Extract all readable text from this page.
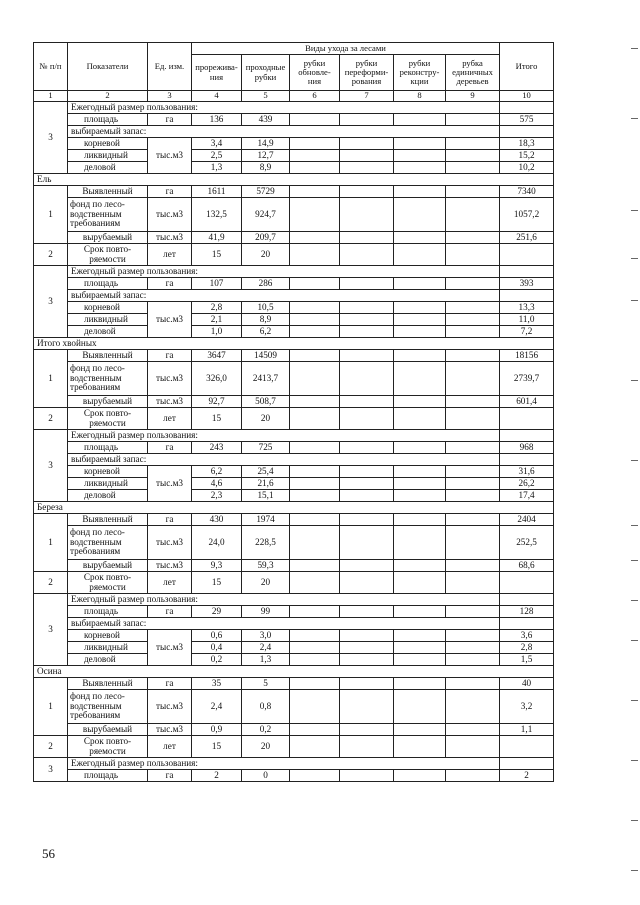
№ п/п	Показатели	Ед. изм.	Виды ухода за лесами						Итого
			прорежива-ния	проходные рубки	рубки обновле-ния	рубки переформи-рования	рубки реконстру-кции	рубка единичных деревьев	
1	2	3	4	5	6	7	8	9	10
3	Ежегодный размер пользования:								
	площадь	га	136	439					575
	выбираемый запас:								
	корневой	тыс.м3	3,4	14,9					18,3
	ликвидный		2,5	12,7					15,2
	деловой		1,3	8,9					10,2
Ель									
1	Выявленный	га	1611	5729					7340
	фонд по лесо-водственным требованиям	тыс.м3	132,5	924,7					1057,2
	вырубаемый	тыс.м3	41,9	209,7					251,6
2	Срок повто-ряемости	лет	15	20					
3	Ежегодный размер пользования:								
	площадь	га	107	286					393
	выбираемый запас:								
	корневой	тыс.м3	2,8	10,5					13,3
	ликвидный		2,1	8,9					11,0
	деловой		1,0	6,2					7,2
Итого хвойных									
1	Выявленный	га	3647	14509					18156
	фонд по лесо-водственным требованиям	тыс.м3	326,0	2413,7					2739,7
	вырубаемый	тыс.м3	92,7	508,7					601,4
2	Срок повто-ряемости	лет	15	20					
3	Ежегодный размер пользования:								
	площадь	га	243	725					968
	выбираемый запас:								
	корневой	тыс.м3	6,2	25,4					31,6
	ликвидный		4,6	21,6					26,2
	деловой		2,3	15,1					17,4
Береза									
1	Выявленный	га	430	1974					2404
	фонд по лесо-водственным требованиям	тыс.м3	24,0	228,5					252,5
	вырубаемый	тыс.м3	9,3	59,3					68,6
2	Срок повто-ряемости	лет	15	20					
3	Ежегодный размер пользования:								
	площадь	га	29	99					128
	выбираемый запас:								
	корневой	тыс.м3	0,6	3,0					3,6
	ликвидный		0,4	2,4					2,8
	деловой		0,2	1,3					1,5
Осина									
1	Выявленный	га	35	5					40
	фонд по лесо-водственным требованиям	тыс.м3	2,4	0,8					3,2
	вырубаемый	тыс.м3	0,9	0,2					1,1
2	Срок повто-ряемости	лет	15	20					
3	Ежегодный размер пользования:								
	площадь	га	2	0					2
56
